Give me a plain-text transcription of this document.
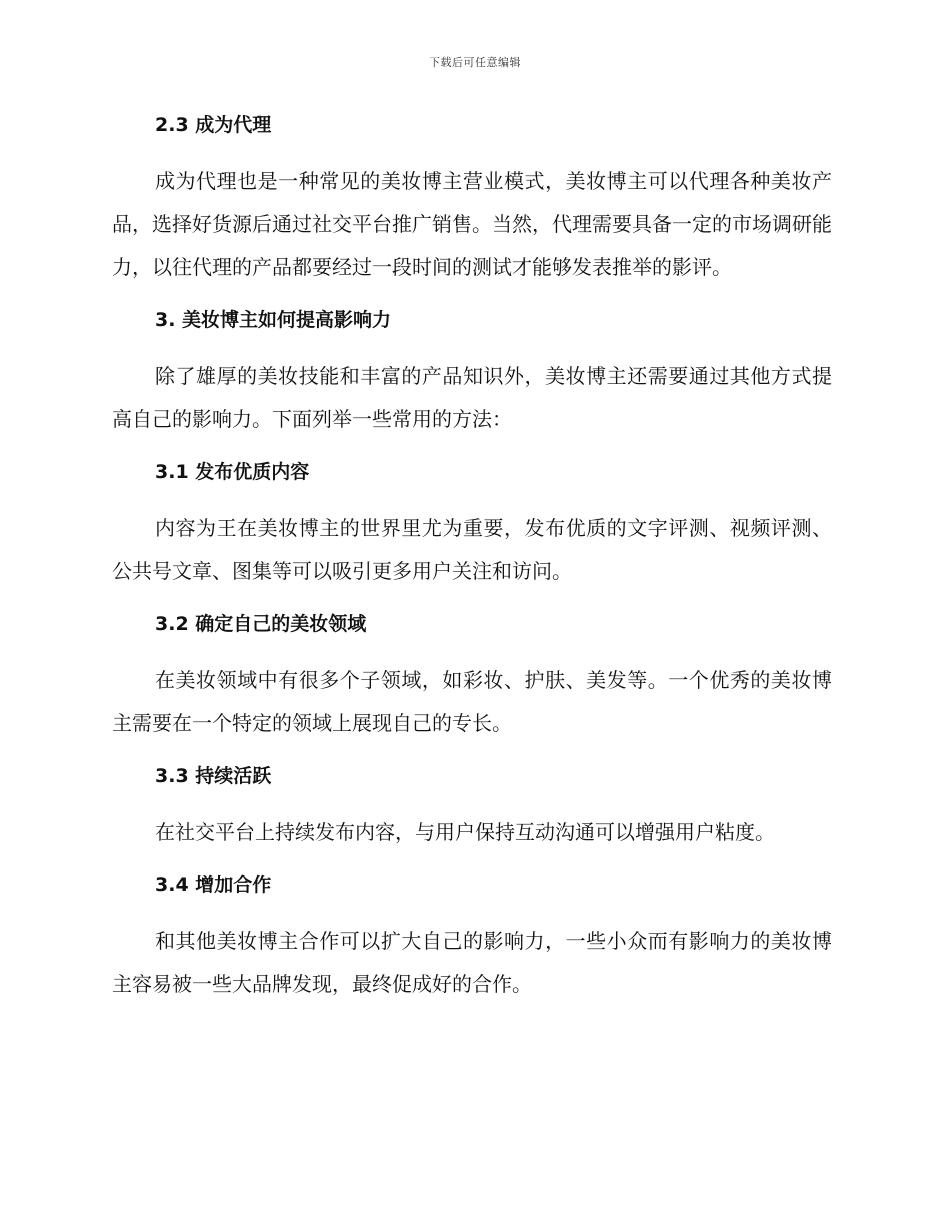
下载后可任意编辑
2.3 成为代理

成为代理也是一种常见的美妆博主营业模式，美妆博主可以代理各种美妆产品，选择好货源后通过社交平台推广销售。当然，代理需要具备一定的市场调研能力，以往代理的产品都要经过一段时间的测试才能够发表推举的影评。

3. 美妆博主如何提高影响力

除了雄厚的美妆技能和丰富的产品知识外，美妆博主还需要通过其他方式提高自己的影响力。下面列举一些常用的方法：

3.1 发布优质内容

内容为王在美妆博主的世界里尤为重要，发布优质的文字评测、视频评测、公共号文章、图集等可以吸引更多用户关注和访问。

3.2 确定自己的美妆领域

在美妆领域中有很多个子领域，如彩妆、护肤、美发等。一个优秀的美妆博主需要在一个特定的领域上展现自己的专长。

3.3 持续活跃

在社交平台上持续发布内容，与用户保持互动沟通可以增强用户粘度。

3.4 增加合作

和其他美妆博主合作可以扩大自己的影响力，一些小众而有影响力的美妆博主容易被一些大品牌发现，最终促成好的合作。
